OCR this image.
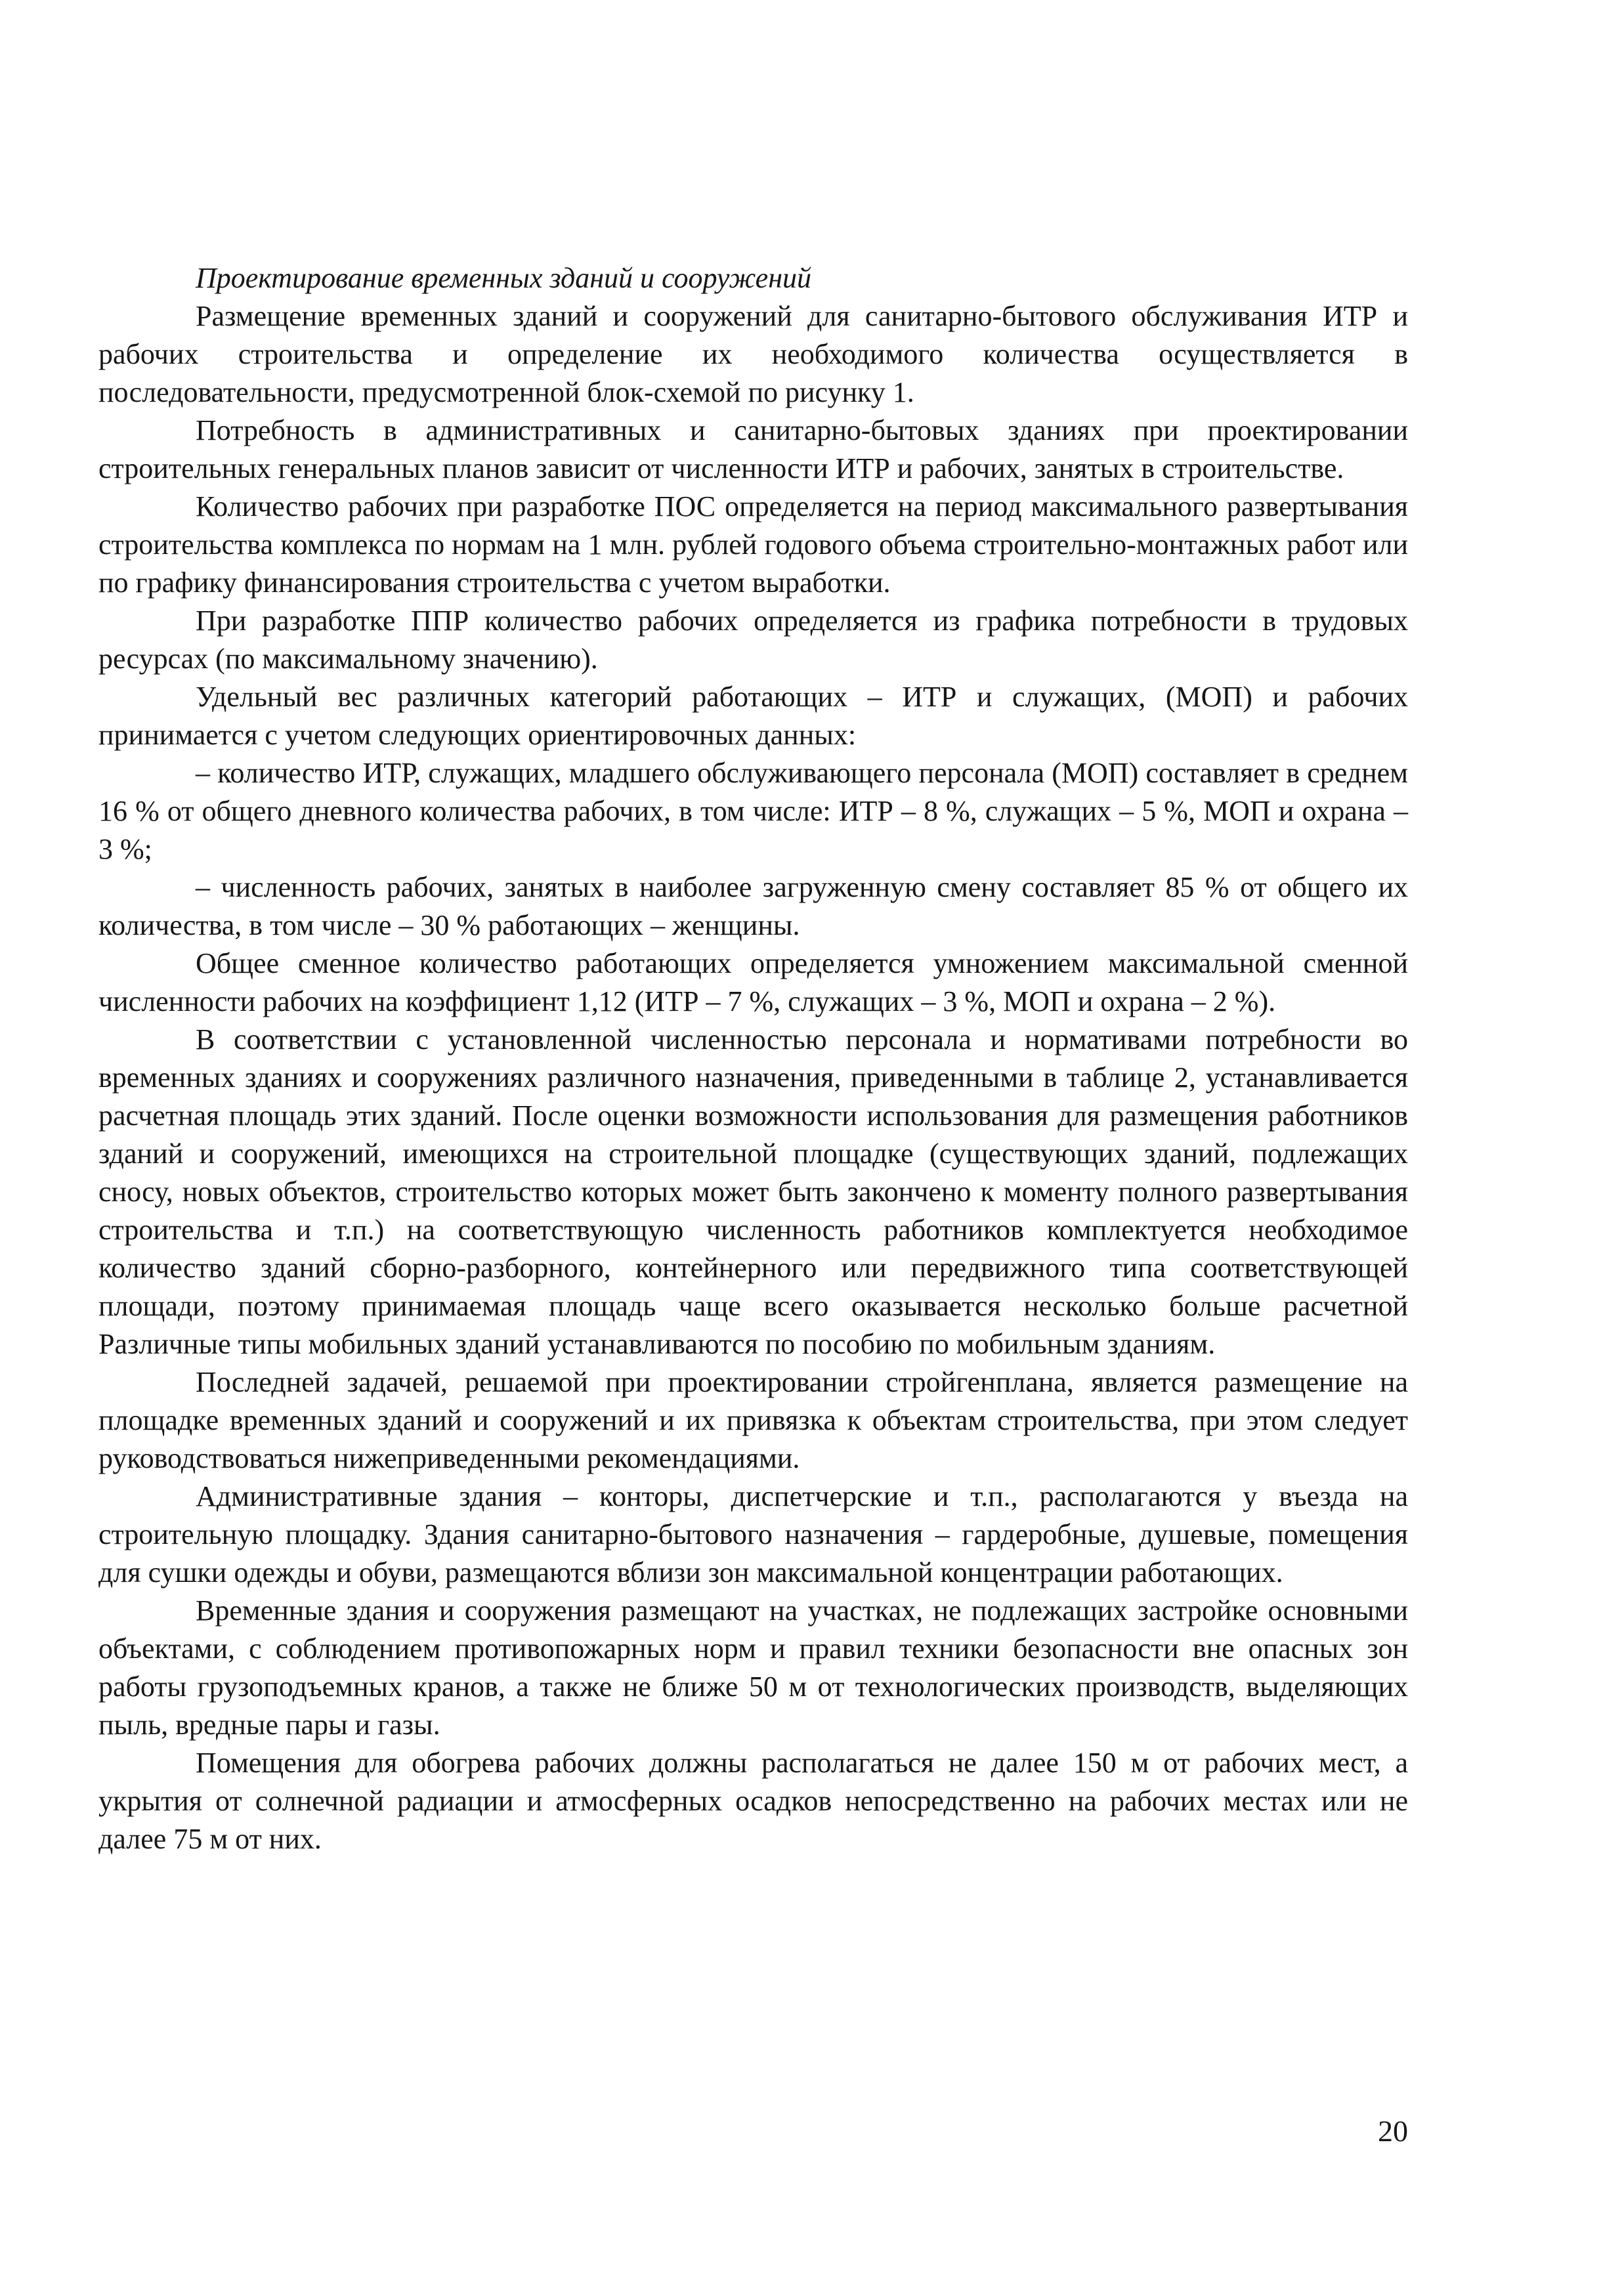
Проектирование временных зданий и сооружений

Размещение временных зданий и сооружений для санитарно-бытового обслуживания ИТР и рабочих строительства и определение их необходимого количества осуществляется в последовательности, предусмотренной блок-схемой по рисунку 1.

Потребность в административных и санитарно-бытовых зданиях при проектировании строительных генеральных планов зависит от численности ИТР и рабочих, занятых в строительстве.

Количество рабочих при разработке ПОС определяется на период максимального развертывания строительства комплекса по нормам на 1 млн. рублей годового объема строительно-монтажных работ или по графику финансирования строительства с учетом выработки.

При разработке ППР количество рабочих определяется из графика потребности в трудовых ресурсах (по максимальному значению).

Удельный вес различных категорий работающих – ИТР и служащих, (МОП) и рабочих принимается с учетом следующих ориентировочных данных:

– количество ИТР, служащих, младшего обслуживающего персонала (МОП) составляет в среднем 16 % от общего дневного количества рабочих, в том числе: ИТР – 8 %, служащих – 5 %, МОП и охрана – 3 %;

– численность рабочих, занятых в наиболее загруженную смену составляет 85 % от общего их количества, в том числе – 30 % работающих – женщины.

Общее сменное количество работающих определяется умножением максимальной сменной численности рабочих на коэффициент 1,12 (ИТР – 7 %, служащих – 3 %, МОП и охрана – 2 %).

В соответствии с установленной численностью персонала и нормативами потребности во временных зданиях и сооружениях различного назначения, приведенными в таблице 2, устанавливается расчетная площадь этих зданий. После оценки возможности использования для размещения работников зданий и сооружений, имеющихся на строительной площадке (существующих зданий, подлежащих сносу, новых объектов, строительство которых может быть закончено к моменту полного развертывания строительства и т.п.) на соответствующую численность работников комплектуется необходимое количество зданий сборно-разборного, контейнерного или передвижного типа соответствующей площади, поэтому принимаемая площадь чаще всего оказывается несколько больше расчетной Различные типы мобильных зданий устанавливаются по пособию по мобильным зданиям.

Последней задачей, решаемой при проектировании стройгенплана, является размещение на площадке временных зданий и сооружений и их привязка к объектам строительства, при этом следует руководствоваться нижеприведенными рекомендациями.

Административные здания – конторы, диспетчерские и т.п., располагаются у въезда на строительную площадку. Здания санитарно-бытового назначения – гардеробные, душевые, помещения для сушки одежды и обуви, размещаются вблизи зон максимальной концентрации работающих.

Временные здания и сооружения размещают на участках, не подлежащих застройке основными объектами, с соблюдением противопожарных норм и правил техники безопасности вне опасных зон работы грузоподъемных кранов, а также не ближе 50 м от технологических производств, выделяющих пыль, вредные пары и газы.

Помещения для обогрева рабочих должны располагаться не далее 150 м от рабочих мест, а укрытия от солнечной радиации и атмосферных осадков непосредственно на рабочих местах или не далее 75 м от них.

20
